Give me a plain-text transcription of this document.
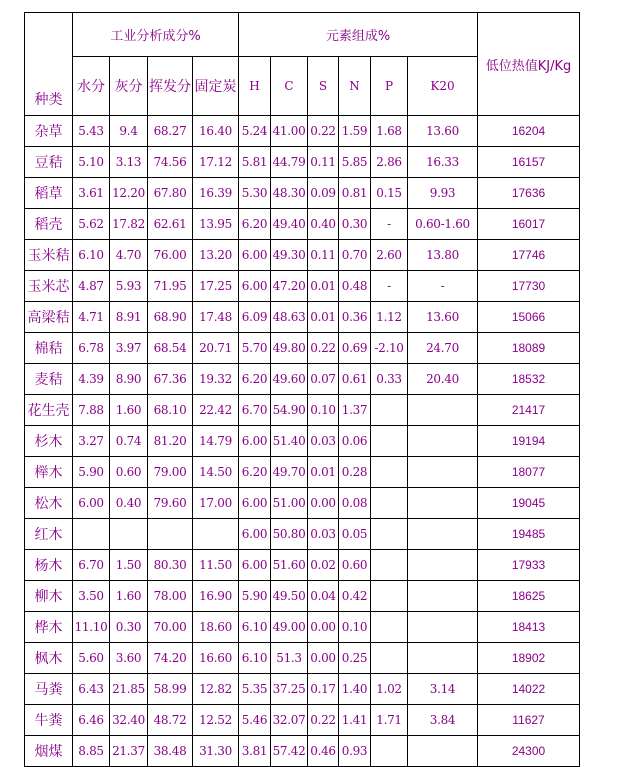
种类	工业分析成分%				元素组成%						低位热值KJ/Kg
	水分	灰分	挥发分	固定炭	H	C	S	N	P	K20	
杂草	5.43	9.4	68.27	16.40	5.24	41.00	0.22	1.59	1.68	13.60	16204
豆秸	5.10	3.13	74.56	17.12	5.81	44.79	0.11	5.85	2.86	16.33	16157
稻草	3.61	12.20	67.80	16.39	5.30	48.30	0.09	0.81	0.15	9.93	17636
稻壳	5.62	17.82	62.61	13.95	6.20	49.40	0.40	0.30	-	0.60-1.60	16017
玉米秸	6.10	4.70	76.00	13.20	6.00	49.30	0.11	0.70	2.60	13.80	17746
玉米芯	4.87	5.93	71.95	17.25	6.00	47.20	0.01	0.48	-	-	17730
高梁秸	4.71	8.91	68.90	17.48	6.09	48.63	0.01	0.36	1.12	13.60	15066
棉秸	6.78	3.97	68.54	20.71	5.70	49.80	0.22	0.69	-2.10	24.70	18089
麦秸	4.39	8.90	67.36	19.32	6.20	49.60	0.07	0.61	0.33	20.40	18532
花生壳	7.88	1.60	68.10	22.42	6.70	54.90	0.10	1.37			21417
杉木	3.27	0.74	81.20	14.79	6.00	51.40	0.03	0.06			19194
榉木	5.90	0.60	79.00	14.50	6.20	49.70	0.01	0.28			18077
松木	6.00	0.40	79.60	17.00	6.00	51.00	0.00	0.08			19045
红木					6.00	50.80	0.03	0.05			19485
杨木	6.70	1.50	80.30	11.50	6.00	51.60	0.02	0.60			17933
柳木	3.50	1.60	78.00	16.90	5.90	49.50	0.04	0.42			18625
桦木	11.10	0.30	70.00	18.60	6.10	49.00	0.00	0.10			18413
枫木	5.60	3.60	74.20	16.60	6.10	51.3	0.00	0.25			18902
马粪	6.43	21.85	58.99	12.82	5.35	37.25	0.17	1.40	1.02	3.14	14022
牛粪	6.46	32.40	48.72	12.52	5.46	32.07	0.22	1.41	1.71	3.84	11627
烟煤	8.85	21.37	38.48	31.30	3.81	57.42	0.46	0.93			24300
